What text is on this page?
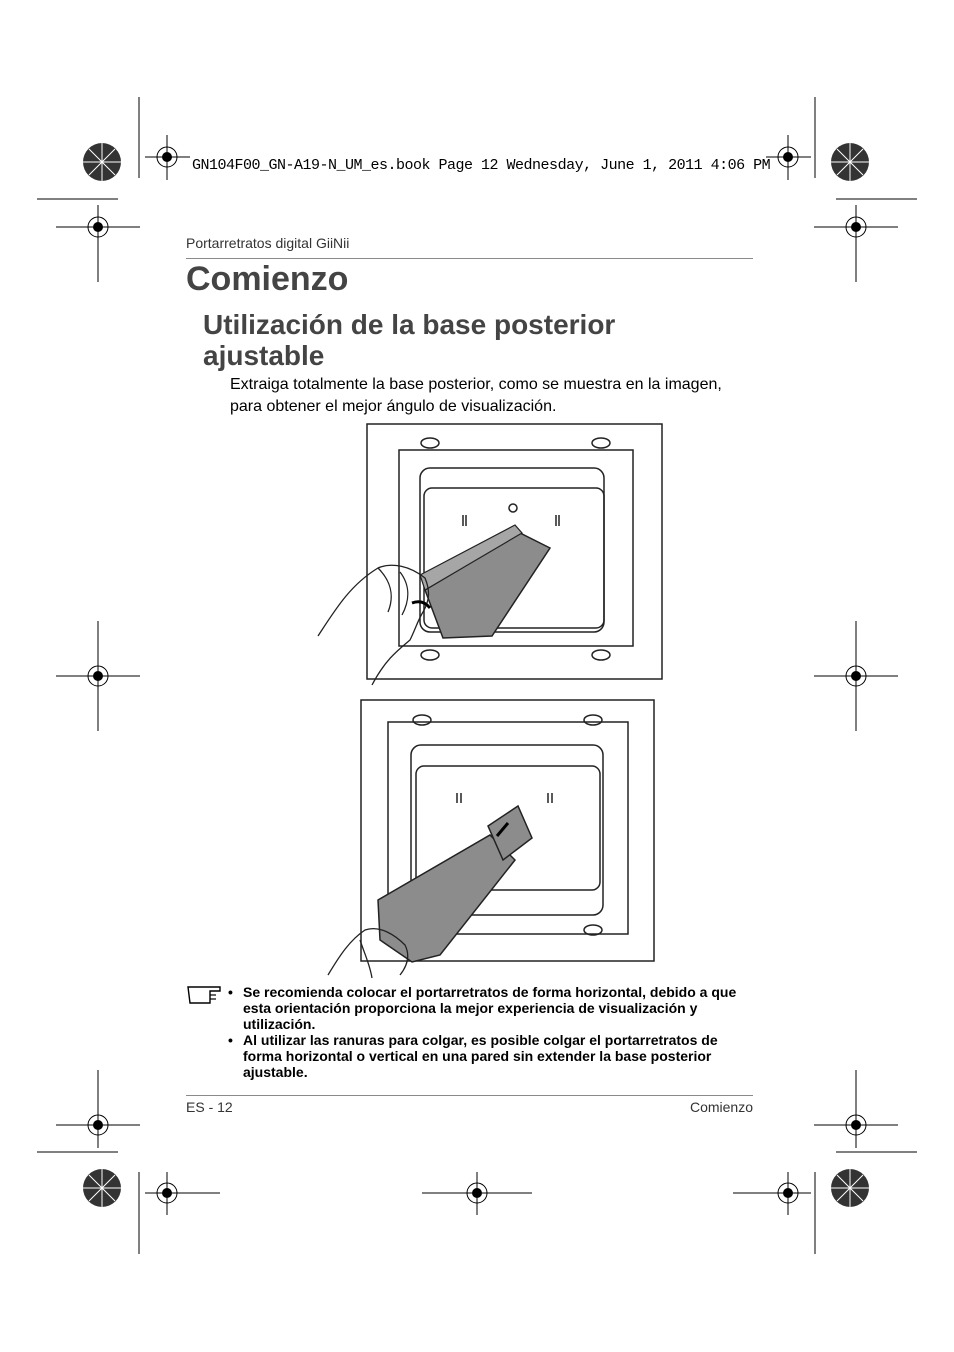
GN104F00_GN-A19-N_UM_es.book Page 12 Wednesday, June 1, 2011 4:06 PM
Portarretratos digital GiiNii
Comienzo
Utilización de la base posterior ajustable

Extraiga totalmente la base posterior, como se muestra en la imagen, para obtener el mejor ángulo de visualización.

• Se recomienda colocar el portarretratos de forma horizontal, debido a que esta orientación proporciona la mejor experiencia de visualización y utilización.
• Al utilizar las ranuras para colgar, es posible colgar el portarretratos de forma horizontal o vertical en una pared sin extender la base posterior ajustable.
ES - 12	Comienzo
